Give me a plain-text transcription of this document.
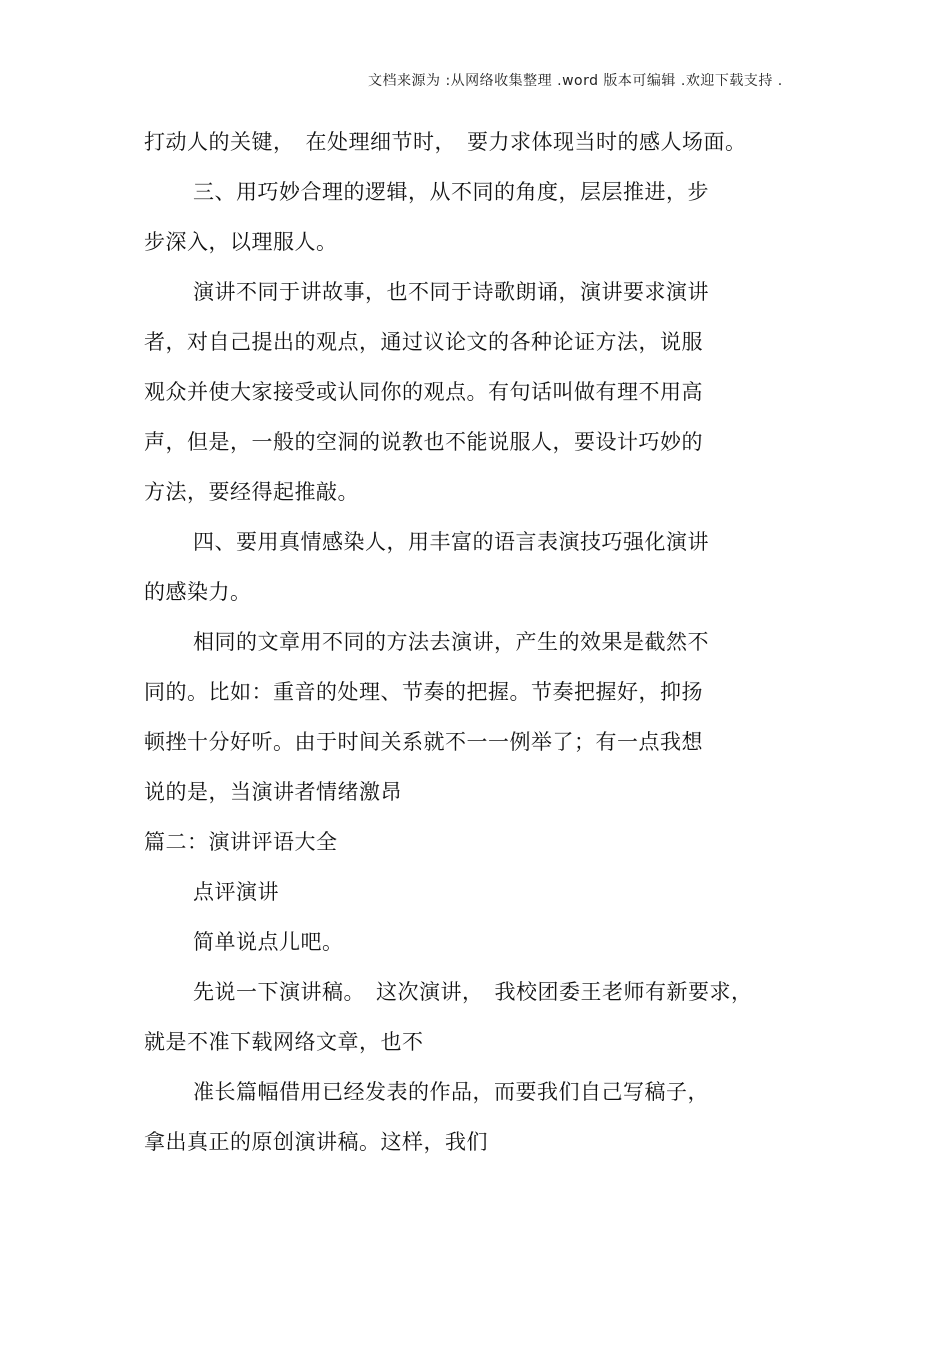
文档来源为 :从网络收集整理 .word 版本可编辑 .欢迎下载支持 .
打动人的关键，　在处理细节时，　要力求体现当时的感人场面。
三、用巧妙合理的逻辑，从不同的角度，层层推进，步
步深入，以理服人。
演讲不同于讲故事，也不同于诗歌朗诵，演讲要求演讲
者，对自己提出的观点，通过议论文的各种论证方法，说服
观众并使大家接受或认同你的观点。有句话叫做有理不用高
声，但是，一般的空洞的说教也不能说服人，要设计巧妙的
方法，要经得起推敲。
四、要用真情感染人，用丰富的语言表演技巧强化演讲
的感染力。
相同的文章用不同的方法去演讲，产生的效果是截然不
同的。比如：重音的处理、节奏的把握。节奏把握好，抑扬
顿挫十分好听。由于时间关系就不一一例举了；有一点我想
说的是，当演讲者情绪激昂
篇二：演讲评语大全
点评演讲
简单说点儿吧。
先说一下演讲稿。　这次演讲，　我校团委王老师有新要求，
就是不准下载网络文章，也不
准长篇幅借用已经发表的作品，而要我们自己写稿子，
拿出真正的原创演讲稿。这样，我们
